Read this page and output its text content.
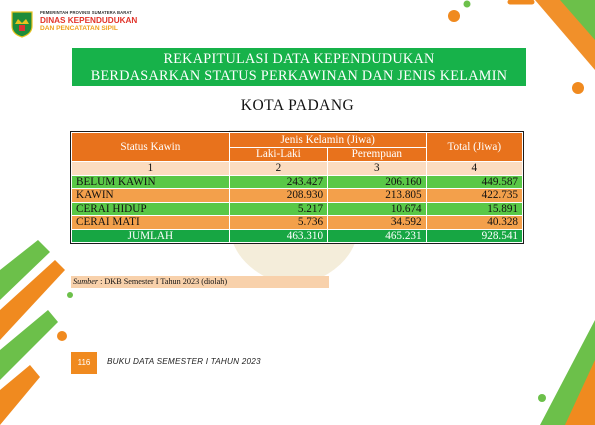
PEMERINTAH PROVINSI SUMATERA BARAT
DINAS KEPENDUDUKAN
DAN PENCATATAN SIPIL
REKAPITULASI DATA KEPENDUDUKAN
BERDASARKAN STATUS PERKAWINAN DAN JENIS KELAMIN
KOTA PADANG
Status Kawin	Jenis Kelamin (Jiwa)		Total (Jiwa)
	Laki-Laki	Perempuan	
1	2	3	4
BELUM KAWIN	243.427	206.160	449.587
KAWIN	208.930	213.805	422.735
CERAI HIDUP	5.217	10.674	15.891
CERAI MATI	5.736	34.592	40.328
JUMLAH	463.310	465.231	928.541
Sumber : DKB Semester I Tahun 2023 (diolah)
116	BUKU DATA SEMESTER I TAHUN 2023
